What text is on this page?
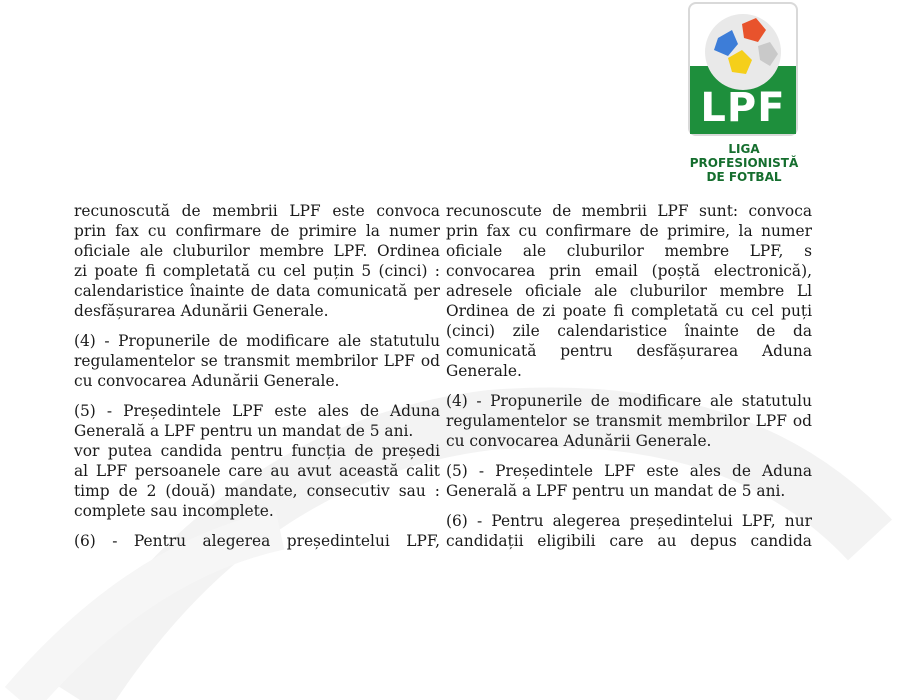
LPF
LIGA
PROFESIONISTĂ
DE FOTBAL
recunoscută de membrii LPF este convoca
prin fax cu confirmare de primire la numer
oficiale ale cluburilor membre LPF. Ordinea
zi poate fi completată cu cel puțin 5 (cinci) :
calendaristice înainte de data comunicată per
desfășurarea Adunării Generale.
(4) - Propunerile de modificare ale statutulu
regulamentelor se transmit membrilor LPF od
cu convocarea Adunării Generale.
(5) - Președintele LPF este ales de Aduna
Generală a LPF pentru un mandat de 5 ani.
vor putea candida pentru funcția de președi
al LPF persoanele care au avut această calit
timp de 2 (două) mandate, consecutiv sau :
complete sau incomplete.
(6) - Pentru alegerea președintelui LPF,
recunoscute de membrii LPF sunt: convoca
prin fax cu confirmare de primire, la numer
oficiale ale cluburilor membre LPF, s
convocarea prin email (poștă electronică),
adresele oficiale ale cluburilor membre Ll
Ordinea de zi poate fi completată cu cel puți
(cinci) zile calendaristice înainte de da
comunicată pentru desfășurarea Aduna
Generale.
(4) - Propunerile de modificare ale statutulu
regulamentelor se transmit membrilor LPF od
cu convocarea Adunării Generale.
(5) - Președintele LPF este ales de Aduna
Generală a LPF pentru un mandat de 5 ani.
(6) - Pentru alegerea președintelui LPF, nur
candidații eligibili care au depus candida
